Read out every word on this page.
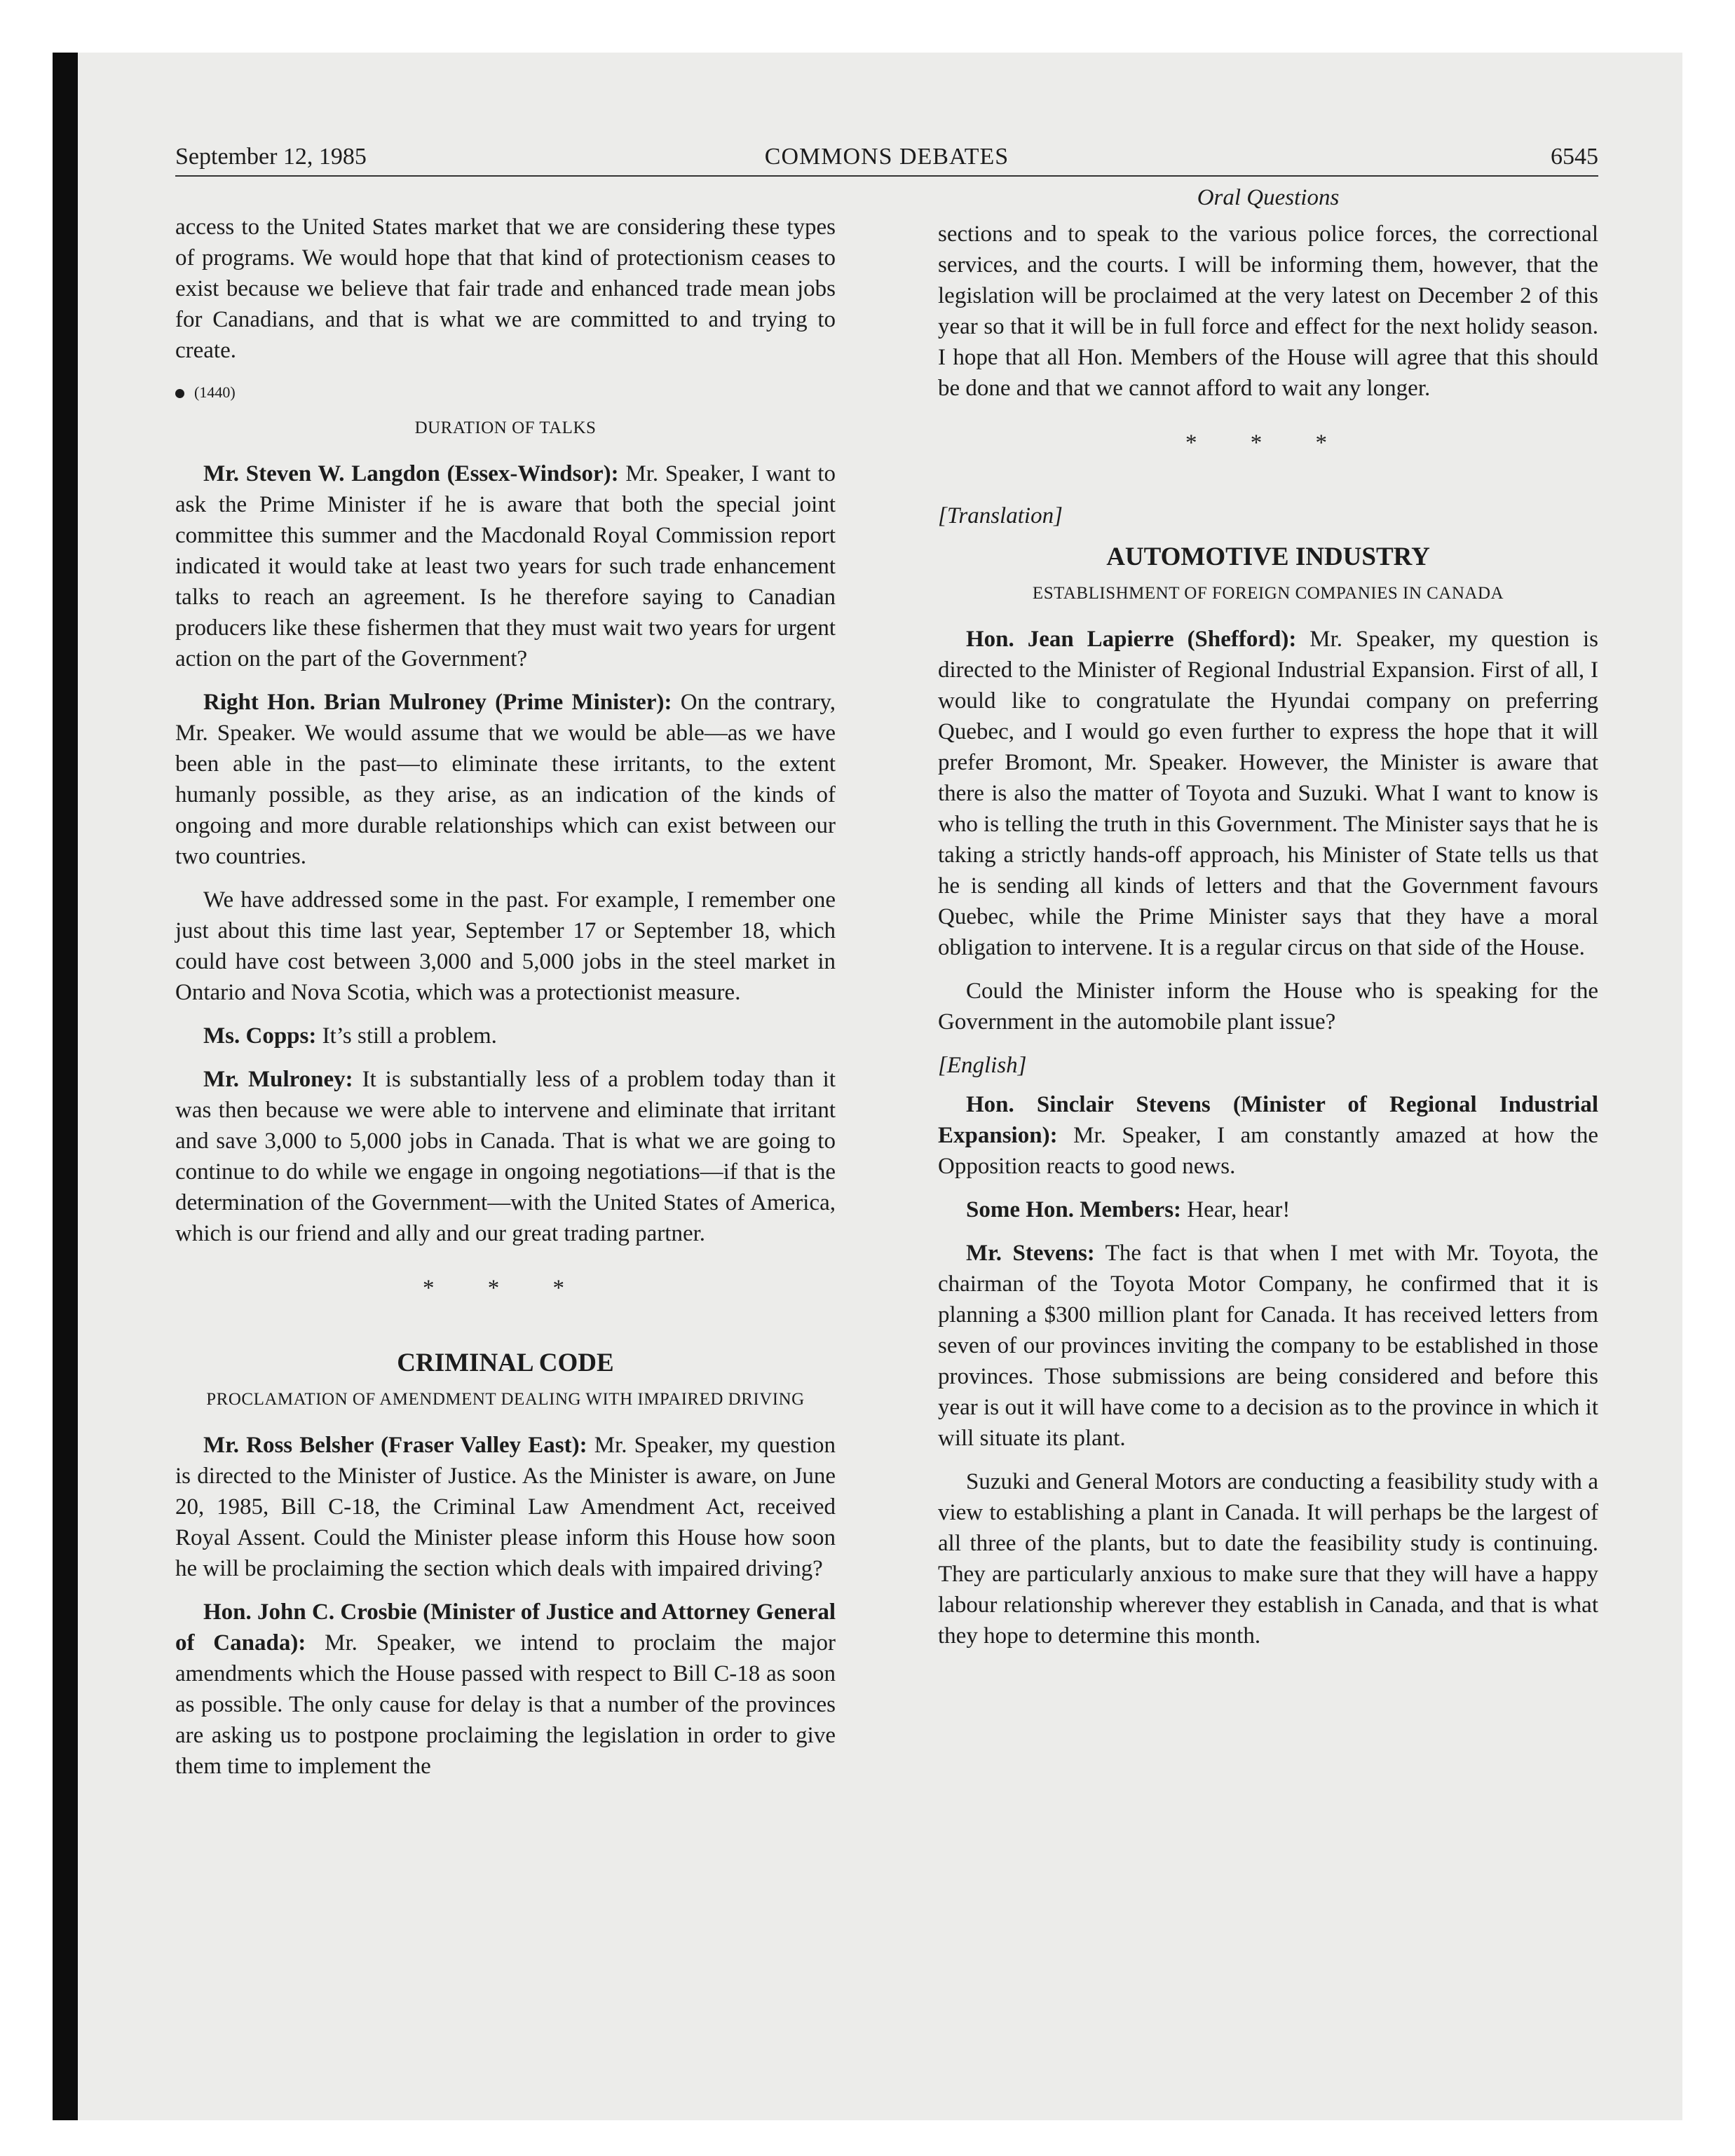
September 12, 1985	COMMONS DEBATES	6545

access to the United States market that we are considering these types of programs. We would hope that that kind of protectionism ceases to exist because we believe that fair trade and enhanced trade mean jobs for Canadians, and that is what we are committed to and trying to create.

(1440)
DURATION OF TALKS

Mr. Steven W. Langdon (Essex-Windsor): Mr. Speaker, I want to ask the Prime Minister if he is aware that both the special joint committee this summer and the Macdonald Royal Commission report indicated it would take at least two years for such trade enhancement talks to reach an agreement. Is he therefore saying to Canadian producers like these fishermen that they must wait two years for urgent action on the part of the Government?

Right Hon. Brian Mulroney (Prime Minister): On the contrary, Mr. Speaker. We would assume that we would be able—as we have been able in the past—to eliminate these irritants, to the extent humanly possible, as they arise, as an indication of the kinds of ongoing and more durable relationships which can exist between our two countries.

We have addressed some in the past. For example, I remember one just about this time last year, September 17 or September 18, which could have cost between 3,000 and 5,000 jobs in the steel market in Ontario and Nova Scotia, which was a protectionist measure.

Ms. Copps: It’s still a problem.

Mr. Mulroney: It is substantially less of a problem today than it was then because we were able to intervene and eliminate that irritant and save 3,000 to 5,000 jobs in Canada. That is what we are going to continue to do while we engage in ongoing negotiations—if that is the determination of the Government—with the United States of America, which is our friend and ally and our great trading partner.

* * *
CRIMINAL CODE
PROCLAMATION OF AMENDMENT DEALING WITH IMPAIRED DRIVING

Mr. Ross Belsher (Fraser Valley East): Mr. Speaker, my question is directed to the Minister of Justice. As the Minister is aware, on June 20, 1985, Bill C-18, the Criminal Law Amendment Act, received Royal Assent. Could the Minister please inform this House how soon he will be proclaiming the section which deals with impaired driving?

Hon. John C. Crosbie (Minister of Justice and Attorney General of Canada): Mr. Speaker, we intend to proclaim the major amendments which the House passed with respect to Bill C-18 as soon as possible. The only cause for delay is that a number of the provinces are asking us to postpone proclaiming the legislation in order to give them time to implement the

Oral Questions

sections and to speak to the various police forces, the correctional services, and the courts. I will be informing them, however, that the legislation will be proclaimed at the very latest on December 2 of this year so that it will be in full force and effect for the next holidy season. I hope that all Hon. Members of the House will agree that this should be done and that we cannot afford to wait any longer.

* * *
[Translation]
AUTOMOTIVE INDUSTRY
ESTABLISHMENT OF FOREIGN COMPANIES IN CANADA

Hon. Jean Lapierre (Shefford): Mr. Speaker, my question is directed to the Minister of Regional Industrial Expansion. First of all, I would like to congratulate the Hyundai company on preferring Quebec, and I would go even further to express the hope that it will prefer Bromont, Mr. Speaker. However, the Minister is aware that there is also the matter of Toyota and Suzuki. What I want to know is who is telling the truth in this Government. The Minister says that he is taking a strictly hands-off approach, his Minister of State tells us that he is sending all kinds of letters and that the Government favours Quebec, while the Prime Minister says that they have a moral obligation to intervene. It is a regular circus on that side of the House.

Could the Minister inform the House who is speaking for the Government in the automobile plant issue?

[English]

Hon. Sinclair Stevens (Minister of Regional Industrial Expansion): Mr. Speaker, I am constantly amazed at how the Opposition reacts to good news.

Some Hon. Members: Hear, hear!

Mr. Stevens: The fact is that when I met with Mr. Toyota, the chairman of the Toyota Motor Company, he confirmed that it is planning a $300 million plant for Canada. It has received letters from seven of our provinces inviting the company to be established in those provinces. Those submissions are being considered and before this year is out it will have come to a decision as to the province in which it will situate its plant.

Suzuki and General Motors are conducting a feasibility study with a view to establishing a plant in Canada. It will perhaps be the largest of all three of the plants, but to date the feasibility study is continuing. They are particularly anxious to make sure that they will have a happy labour relationship wherever they establish in Canada, and that is what they hope to determine this month.
